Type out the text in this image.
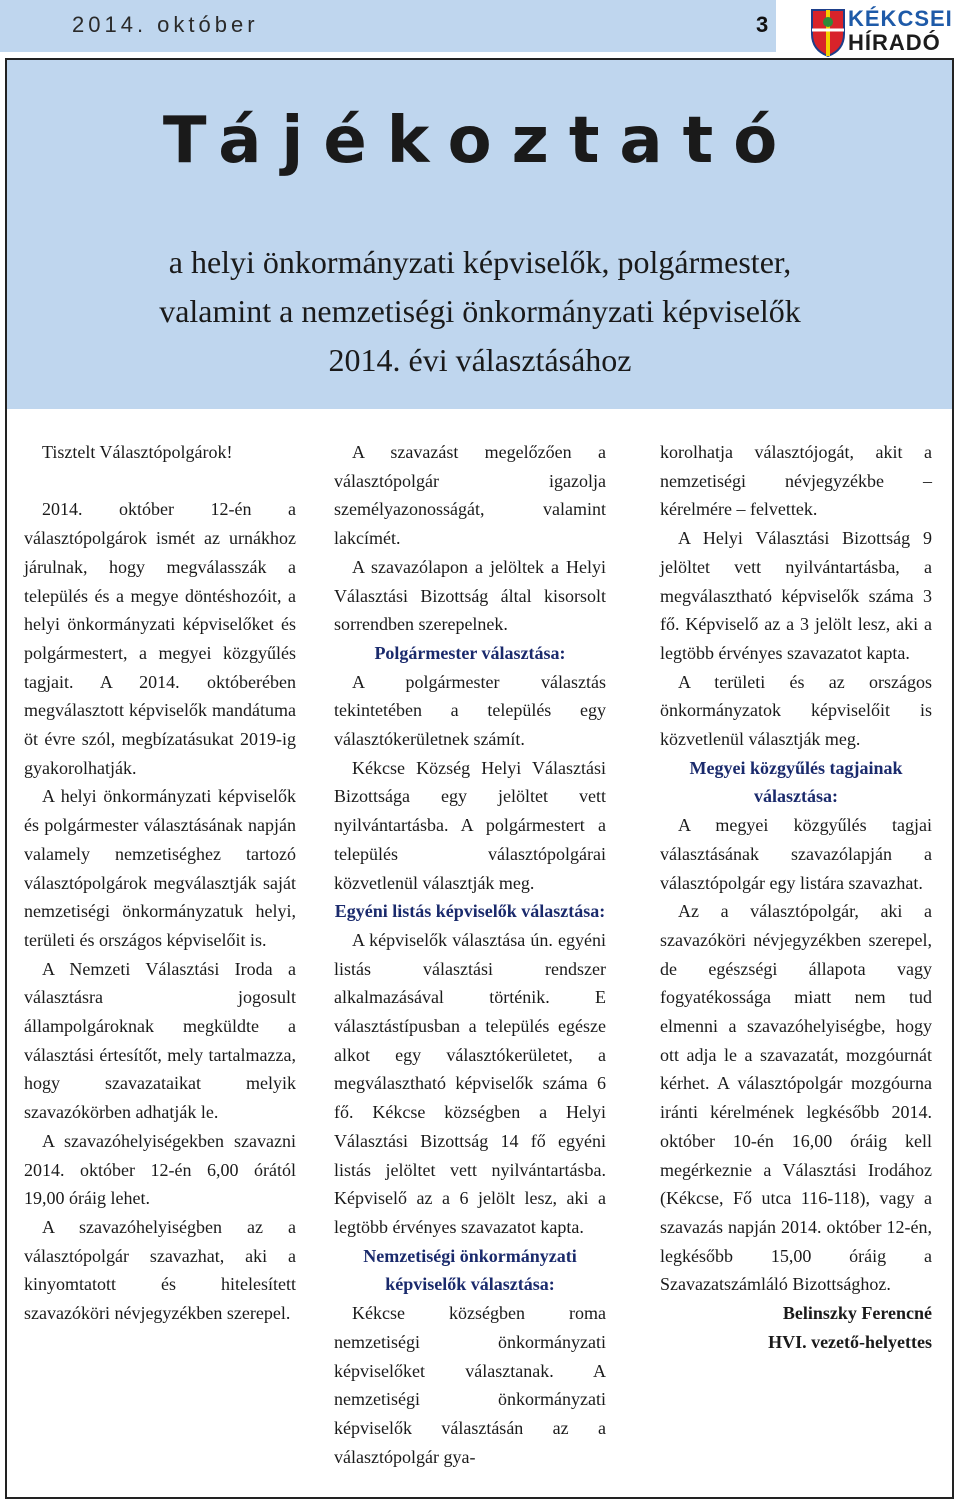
2014. október	3	KÉKCSEI
HÍRADÓ
Tájékoztató
a helyi önkormányzati képviselők, polgármester,
valamint a nemzetiségi önkormányzati képviselők
2014. évi választásához

Tisztelt Választópolgárok!

2014. október 12-én a választópolgárok ismét az urnákhoz járulnak, hogy megválasszák a település és a megye döntéshozóit, a helyi önkormányzati képviselőket és polgármestert, a megyei közgyűlés tagjait. A 2014. októberében megválasztott képviselők mandátuma öt évre szól, megbízatásukat 2019-ig gyakorolhatják.

A helyi önkormányzati képviselők és polgármester választásának napján valamely nemzetiséghez tartozó választópolgárok megválasztják saját nemzetiségi önkormányzatuk helyi, területi és országos képviselőit is.

A Nemzeti Választási Iroda a választásra jogosult állampolgároknak megküldte a választási értesítőt, mely tartalmazza, hogy szavazataikat melyik szavazókörben adhatják le.

A szavazóhelyiségekben szavazni 2014. október 12-én 6,00 órától 19,00 óráig lehet.

A szavazóhelyiségben az a választópolgár szavazhat, aki a kinyomtatott és hitelesített szavazóköri névjegyzékben szerepel.

A szavazást megelőzően a választópolgár igazolja személyazonosságát, valamint lakcímét.

A szavazólapon a jelöltek a Helyi Választási Bizottság által kisorsolt sorrendben szerepelnek.

Polgármester választása:

A polgármester választás tekintetében a település egy választókerületnek számít.

Kékcse Község Helyi Választási Bizottsága egy jelöltet vett nyilvántartásba. A polgármestert a település választópolgárai közvetlenül választják meg.

Egyéni listás képviselők választása:

A képviselők választása ún. egyéni listás választási rendszer alkalmazásával történik. E választástípusban a település egésze alkot egy választókerületet, a megválasztható képviselők száma 6 fő. Kékcse községben a Helyi Választási Bizottság 14 fő egyéni listás jelöltet vett nyilvántartásba. Képviselő az a 6 jelölt lesz, aki a legtöbb érvényes szavazatot kapta.

Nemzetiségi önkormányzati képviselők választása:

Kékcse községben roma nemzetiségi önkormányzati képviselőket választanak. A nemzetiségi önkormányzati képviselők választásán az a választópolgár gya-

korolhatja választójogát, akit a nemzetiségi névjegyzékbe – kérelmére – felvettek.

A Helyi Választási Bizottság 9 jelöltet vett nyilvántartásba, a megválasztható képviselők száma 3 fő. Képviselő az a 3 jelölt lesz, aki a legtöbb érvényes szavazatot kapta.

A területi és az országos önkormányzatok képviselőit is közvetlenül választják meg.

Megyei közgyűlés tagjainak választása:

A megyei közgyűlés tagjai választásának szavazólapján a választópolgár egy listára szavazhat.

Az a választópolgár, aki a szavazóköri névjegyzékben szerepel, de egészségi állapota vagy fogyatékossága miatt nem tud elmenni a szavazóhelyiségbe, hogy ott adja le a szavazatát, mozgóurnát kérhet. A választópolgár mozgóurna iránti kérelmének legkésőbb 2014. október 10-én 16,00 óráig kell megérkeznie a Választási Irodához (Kékcse, Fő utca 116-118), vagy a szavazás napján 2014. október 12-én, legkésőbb 15,00 óráig a Szavazatszámláló Bizottsághoz.

Belinszky Ferencné
HVI. vezető-helyettes
